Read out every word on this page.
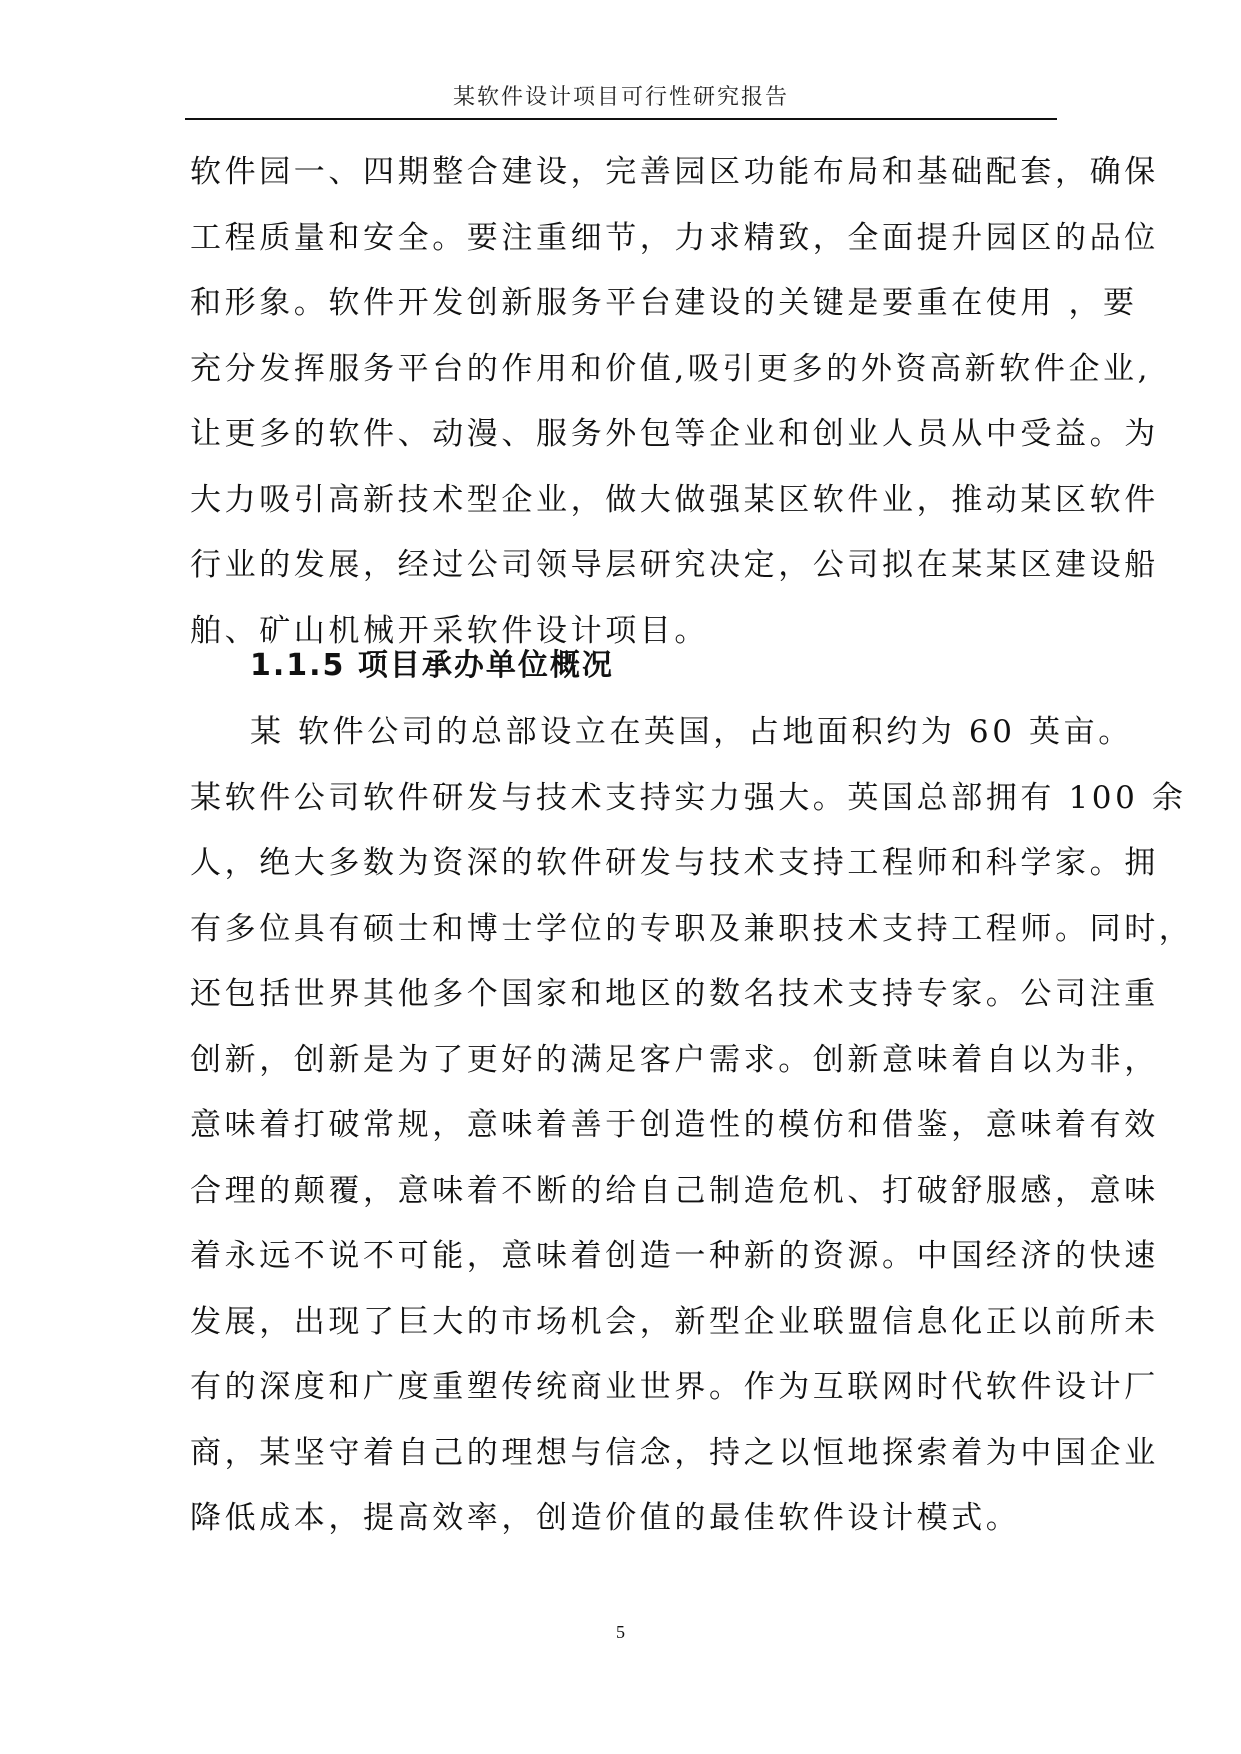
某软件设计项目可行性研究报告
软件园一、四期整合建设，完善园区功能布局和基础配套，确保
工程质量和安全。要注重细节，力求精致，全面提升园区的品位
和形象。软件开发创新服务平台建设的关键是要重在使用 ，要
充分发挥服务平台的作用和价值,吸引更多的外资高新软件企业,
让更多的软件、动漫、服务外包等企业和创业人员从中受益。为
大力吸引高新技术型企业，做大做强某区软件业，推动某区软件
行业的发展，经过公司领导层研究决定，公司拟在某某区建设船
舶、矿山机械开采软件设计项目。
1.1.5 项目承办单位概况
某 软件公司的总部设立在英国，占地面积约为 60 英亩。
某软件公司软件研发与技术支持实力强大。英国总部拥有 100 余
人，绝大多数为资深的软件研发与技术支持工程师和科学家。拥
有多位具有硕士和博士学位的专职及兼职技术支持工程师。同时，
还包括世界其他多个国家和地区的数名技术支持专家。公司注重
创新，创新是为了更好的满足客户需求。创新意味着自以为非，
意味着打破常规，意味着善于创造性的模仿和借鉴，意味着有效
合理的颠覆，意味着不断的给自己制造危机、打破舒服感，意味
着永远不说不可能，意味着创造一种新的资源。中国经济的快速
发展，出现了巨大的市场机会，新型企业联盟信息化正以前所未
有的深度和广度重塑传统商业世界。作为互联网时代软件设计厂
商，某坚守着自己的理想与信念，持之以恒地探索着为中国企业
降低成本，提高效率，创造价值的最佳软件设计模式。
5
